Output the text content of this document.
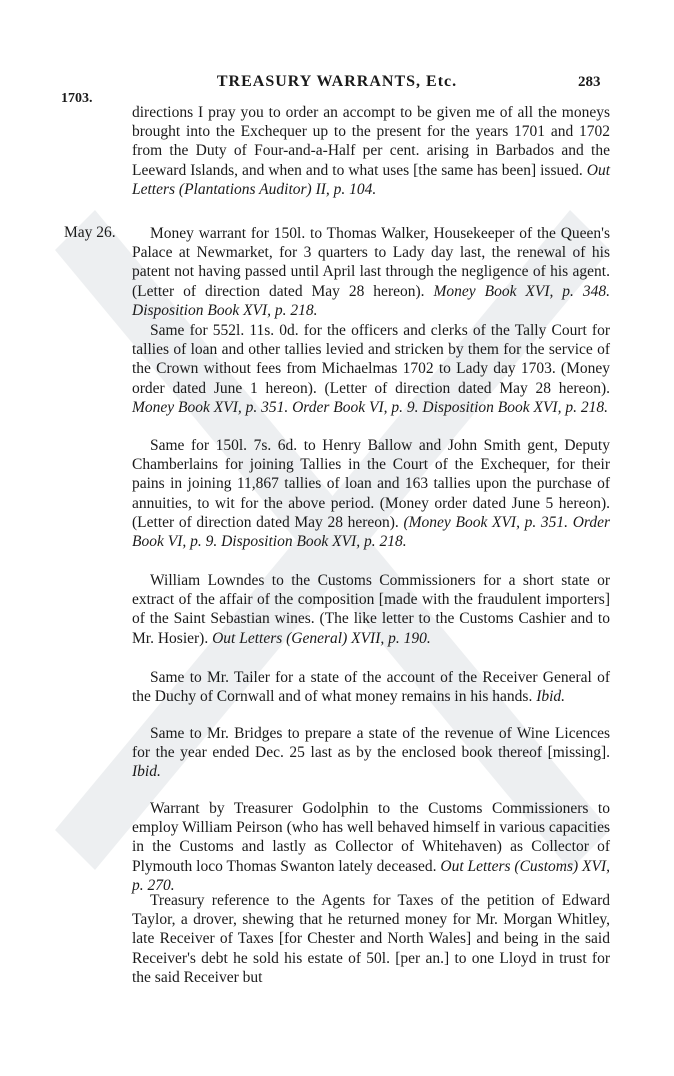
TREASURY WARRANTS, Etc.	283
1703.

directions I pray you to order an accompt to be given me of all the moneys brought into the Exchequer up to the present for the years 1701 and 1702 from the Duty of Four-and-a-Half per cent. arising in Barbados and the Leeward Islands, and when and to what uses [the same has been] issued. Out Letters (Plantations Auditor) II, p. 104.

May 26.	Money warrant for 150l. to Thomas Walker, Housekeeper of the Queen's Palace at Newmarket, for 3 quarters to Lady day last, the renewal of his patent not having passed until April last through the negligence of his agent. (Letter of direction dated May 28 hereon). Money Book XVI, p. 348. Disposition Book XVI, p. 218.

Same for 552l. 11s. 0d. for the officers and clerks of the Tally Court for tallies of loan and other tallies levied and stricken by them for the service of the Crown without fees from Michaelmas 1702 to Lady day 1703. (Money order dated June 1 hereon). (Letter of direction dated May 28 hereon). Money Book XVI, p. 351. Order Book VI, p. 9. Disposition Book XVI, p. 218.

Same for 150l. 7s. 6d. to Henry Ballow and John Smith gent, Deputy Chamberlains for joining Tallies in the Court of the Exchequer, for their pains in joining 11,867 tallies of loan and 163 tallies upon the purchase of annuities, to wit for the above period. (Money order dated June 5 hereon). (Letter of direction dated May 28 hereon). (Money Book XVI, p. 351. Order Book VI, p. 9. Disposition Book XVI, p. 218.

William Lowndes to the Customs Commissioners for a short state or extract of the affair of the composition [made with the fraudulent importers] of the Saint Sebastian wines. (The like letter to the Customs Cashier and to Mr. Hosier). Out Letters (General) XVII, p. 190.

Same to Mr. Tailer for a state of the account of the Receiver General of the Duchy of Cornwall and of what money remains in his hands. Ibid.

Same to Mr. Bridges to prepare a state of the revenue of Wine Licences for the year ended Dec. 25 last as by the enclosed book thereof [missing]. Ibid.

Warrant by Treasurer Godolphin to the Customs Commissioners to employ William Peirson (who has well behaved himself in various capacities in the Customs and lastly as Collector of Whitehaven) as Collector of Plymouth loco Thomas Swanton lately deceased. Out Letters (Customs) XVI, p. 270.

Treasury reference to the Agents for Taxes of the petition of Edward Taylor, a drover, shewing that he returned money for Mr. Morgan Whitley, late Receiver of Taxes [for Chester and North Wales] and being in the said Receiver's debt he sold his estate of 50l. [per an.] to one Lloyd in trust for the said Receiver but
